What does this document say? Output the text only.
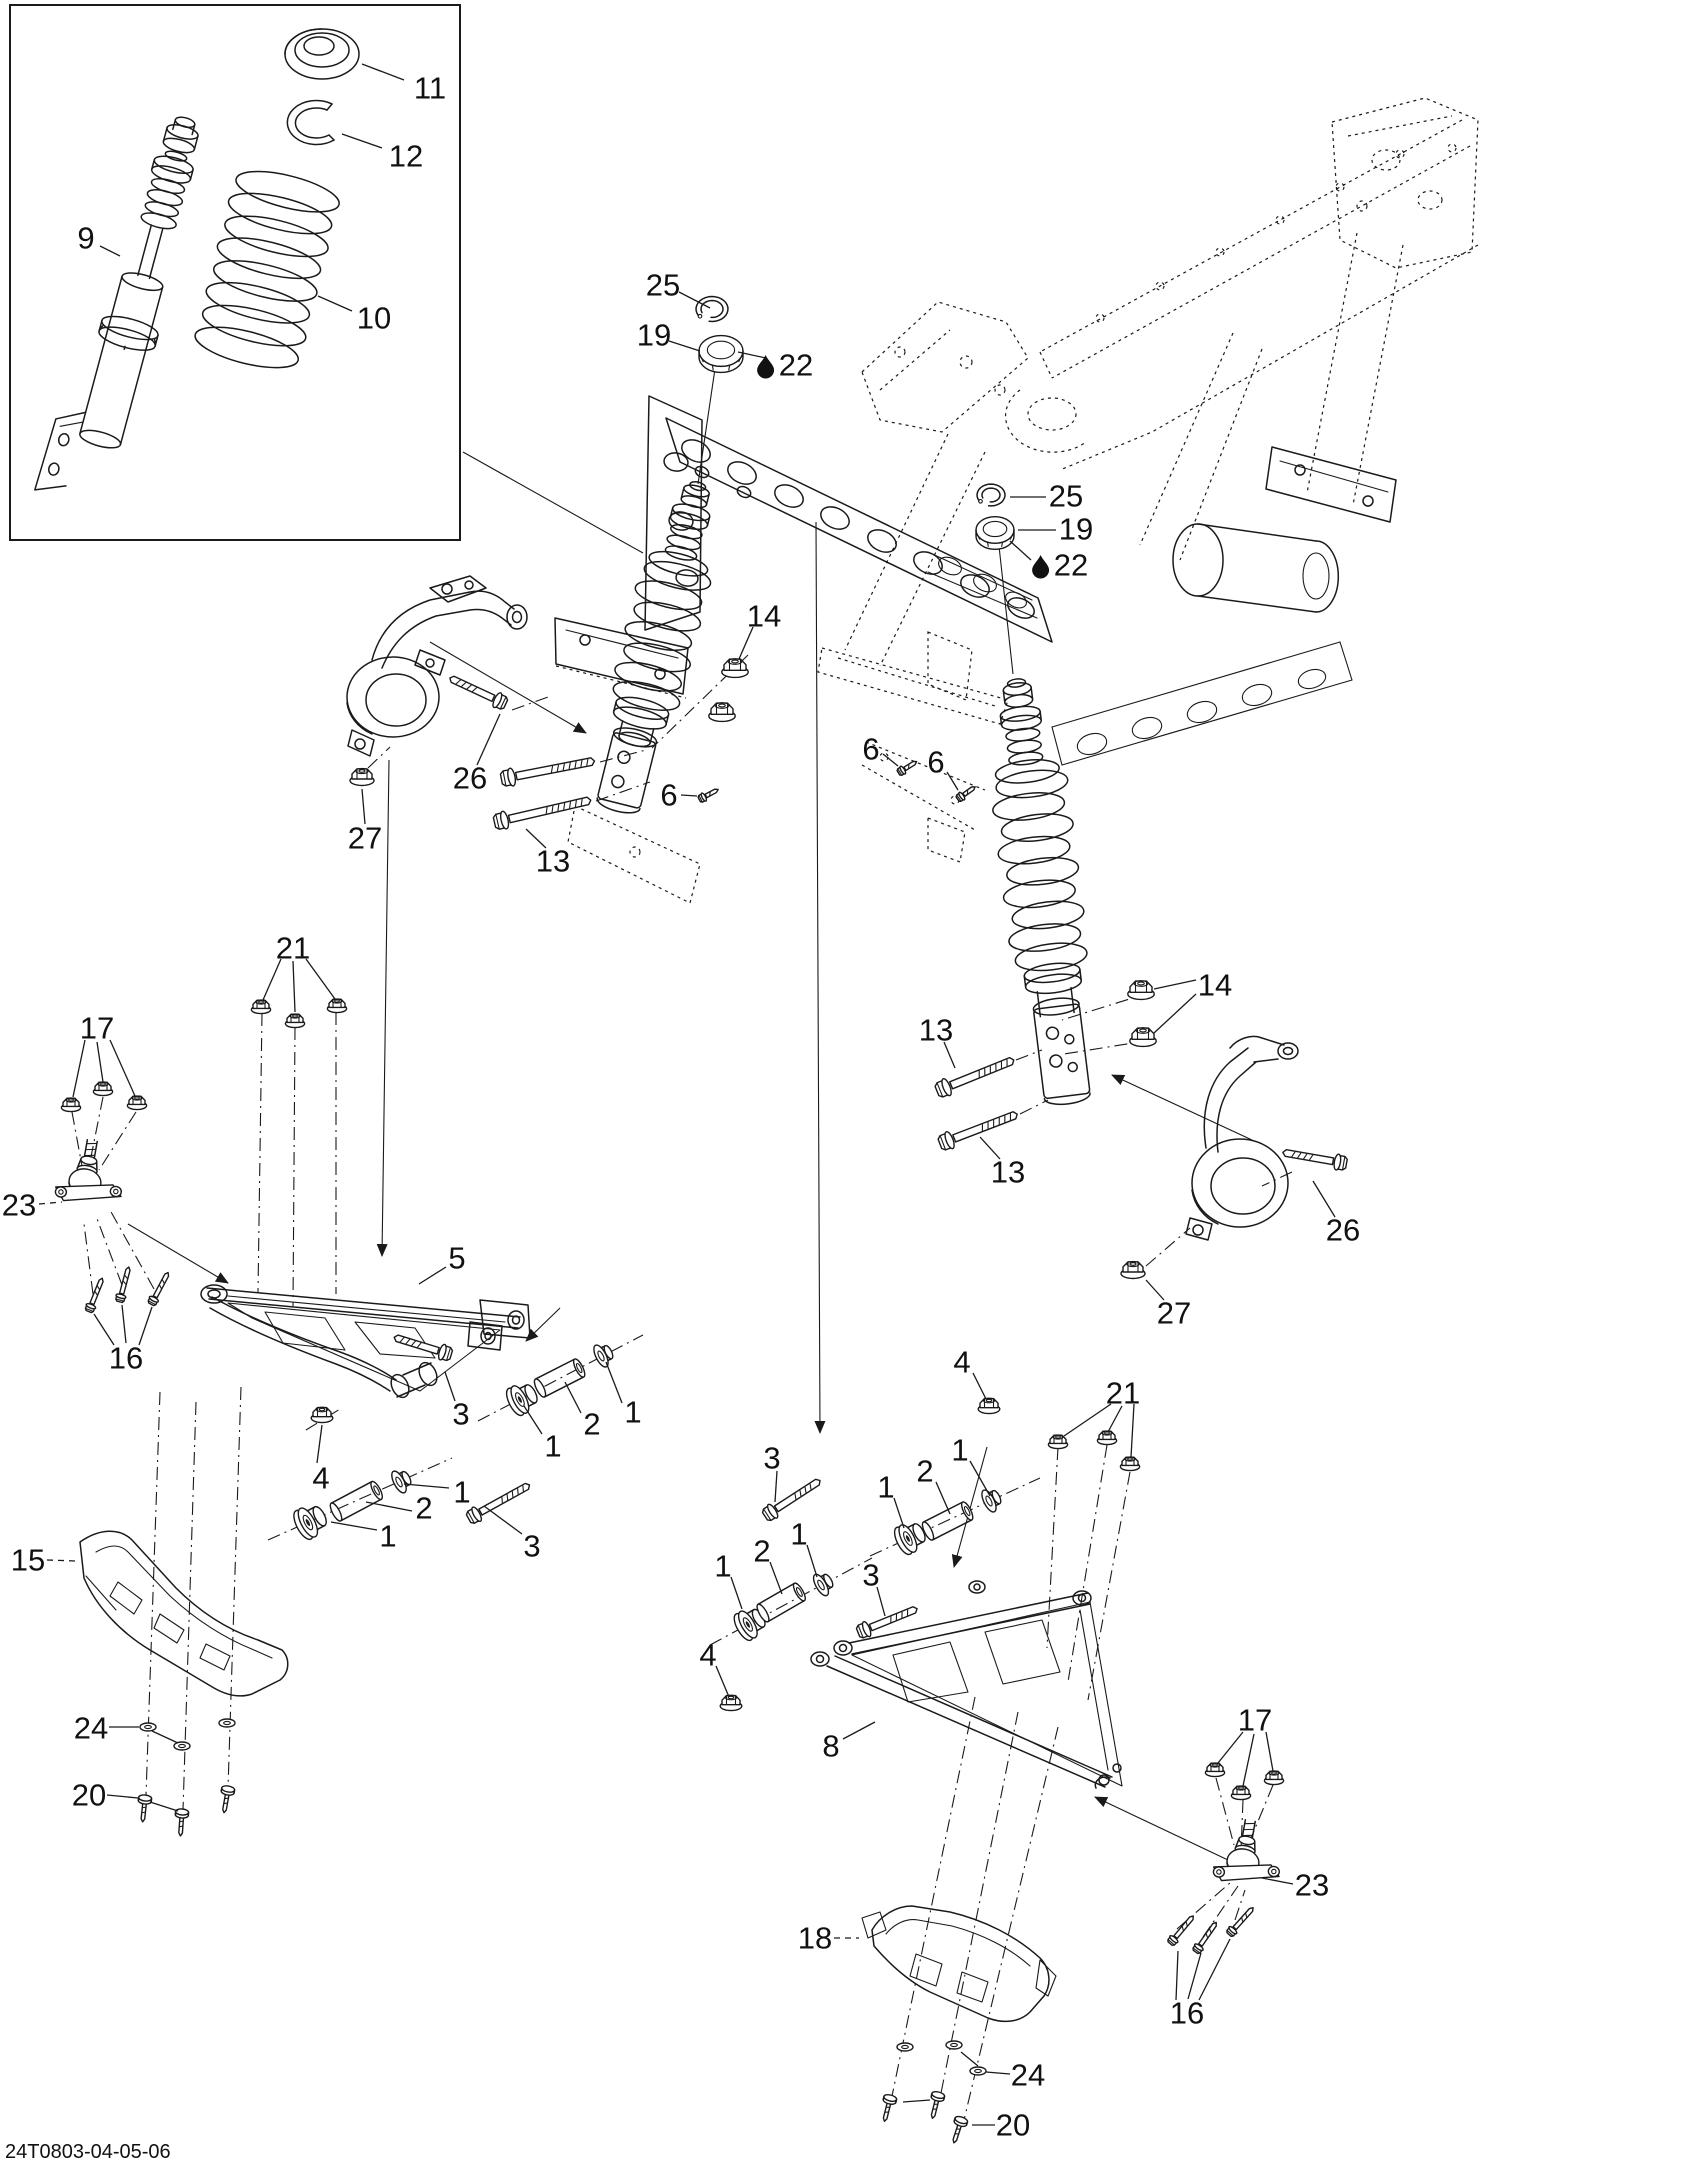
11
12
9
10
25
19
22
25
19
22
14
26
27
13
6
6 6
13
14
13
26
27
21
17
23
16
5
3	1
2
1
4	1
2
1	3
15
24
20
4
21
1
2
1
3
1
2
1	3
4
8
17
23
16
18
24
20
24T0803-04-05-06
